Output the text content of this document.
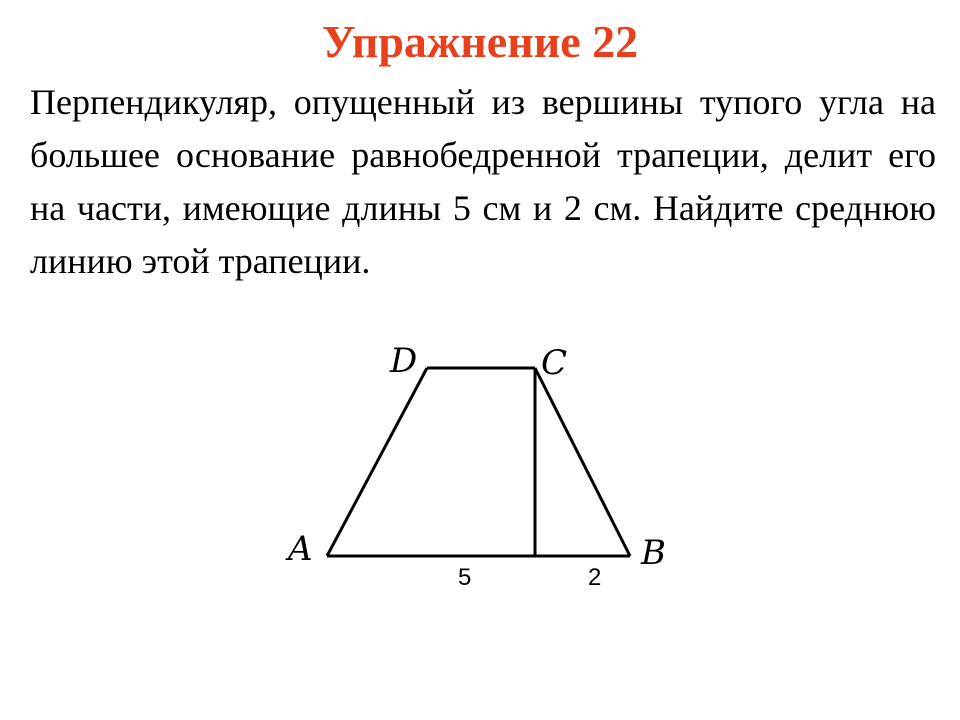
Упражнение 22

Перпендикуляр, опущенный из вершины тупого угла на большее основание равнобедренной трапеции, делит его на части, имеющие длины 5 см и 2 см. Найдите среднюю линию этой трапеции.

D	C
A	B
5	2
